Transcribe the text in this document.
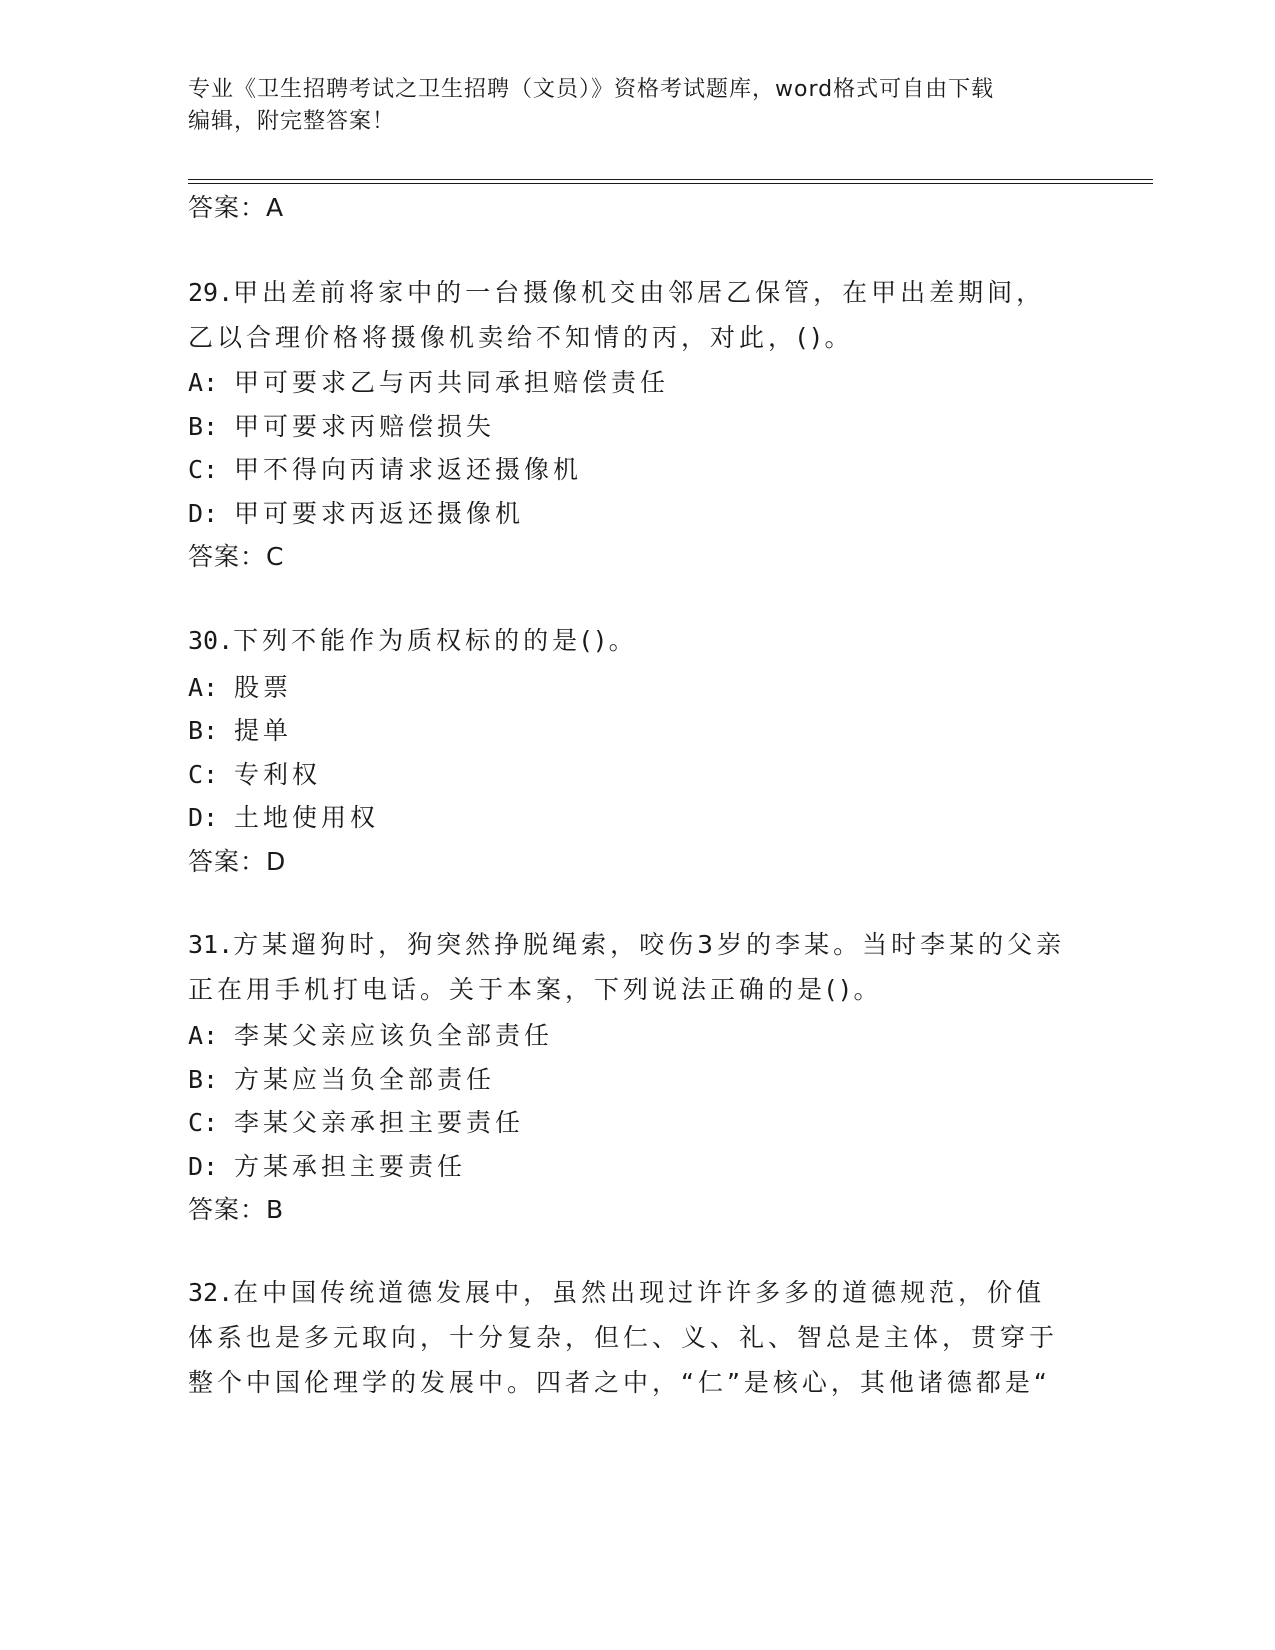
专业《卫生招聘考试之卫生招聘（文员）》资格考试题库，word格式可自由下载
编辑，附完整答案！
答案：A
29.甲出差前将家中的一台摄像机交由邻居乙保管，在甲出差期间，乙以合理价格将摄像机卖给不知情的丙，对此，()。
A: 甲可要求乙与丙共同承担赔偿责任
B: 甲可要求丙赔偿损失
C: 甲不得向丙请求返还摄像机
D: 甲可要求丙返还摄像机
答案：C
30.下列不能作为质权标的的是()。
A: 股票
B: 提单
C: 专利权
D: 土地使用权
答案：D
31.方某遛狗时，狗突然挣脱绳索，咬伤3岁的李某。当时李某的父亲正在用手机打电话。关于本案，下列说法正确的是()。
A: 李某父亲应该负全部责任
B: 方某应当负全部责任
C: 李某父亲承担主要责任
D: 方某承担主要责任
答案：B
32.在中国传统道德发展中，虽然出现过许许多多的道德规范，价值体系也是多元取向，十分复杂，但仁、义、礼、智总是主体，贯穿于整个中国伦理学的发展中。四者之中，“仁”是核心，其他诸德都是“
